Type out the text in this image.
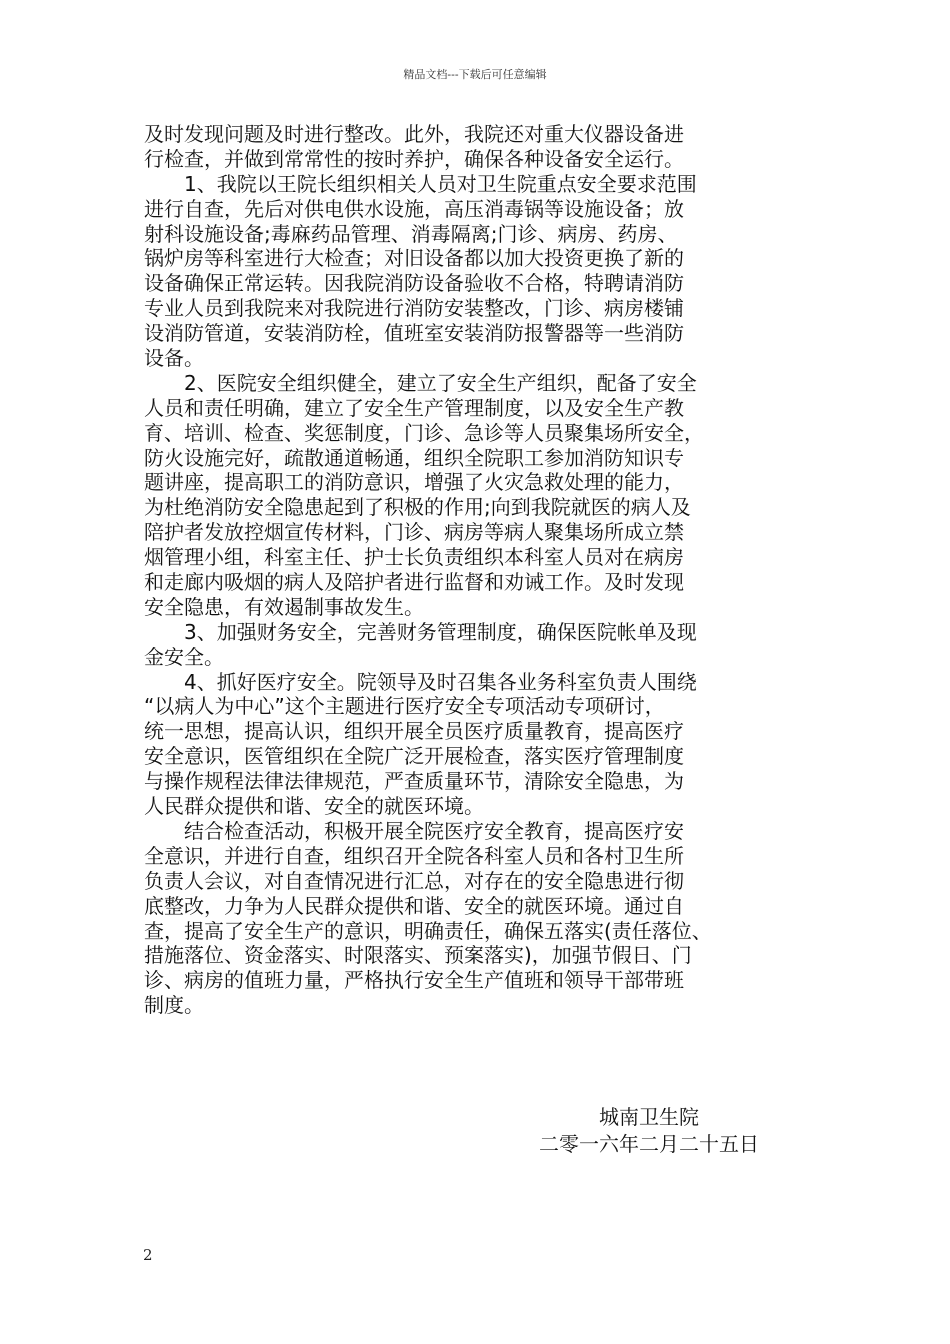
精品文档---下载后可任意编辑
及时发现问题及时进行整改。此外，我院还对重大仪器设备进
行检查，并做到常常性的按时养护，确保各种设备安全运行。
1、我院以王院长组织相关人员对卫生院重点安全要求范围
进行自查，先后对供电供水设施，高压消毒锅等设施设备；放
射科设施设备;毒麻药品管理、消毒隔离;门诊、病房、药房、
锅炉房等科室进行大检查；对旧设备都以加大投资更换了新的
设备确保正常运转。因我院消防设备验收不合格，特聘请消防
专业人员到我院来对我院进行消防安装整改，门诊、病房楼铺
设消防管道，安装消防栓，值班室安装消防报警器等一些消防
设备。
2、医院安全组织健全，建立了安全生产组织，配备了安全
人员和责任明确，建立了安全生产管理制度，以及安全生产教
育、培训、检查、奖惩制度，门诊、急诊等人员聚集场所安全，
防火设施完好，疏散通道畅通，组织全院职工参加消防知识专
题讲座，提高职工的消防意识，增强了火灾急救处理的能力，
为杜绝消防安全隐患起到了积极的作用;向到我院就医的病人及
陪护者发放控烟宣传材料，门诊、病房等病人聚集场所成立禁
烟管理小组，科室主任、护士长负责组织本科室人员对在病房
和走廊内吸烟的病人及陪护者进行监督和劝诫工作。及时发现
安全隐患，有效遏制事故发生。
3、加强财务安全，完善财务管理制度，确保医院帐单及现
金安全。
4、抓好医疗安全。院领导及时召集各业务科室负责人围绕
“以病人为中心”这个主题进行医疗安全专项活动专项研讨，
统一思想，提高认识，组织开展全员医疗质量教育，提高医疗
安全意识，医管组织在全院广泛开展检查，落实医疗管理制度
与操作规程法律法律规范，严查质量环节，清除安全隐患，为
人民群众提供和谐、安全的就医环境。
结合检查活动，积极开展全院医疗安全教育，提高医疗安
全意识，并进行自查，组织召开全院各科室人员和各村卫生所
负责人会议，对自查情况进行汇总，对存在的安全隐患进行彻
底整改，力争为人民群众提供和谐、安全的就医环境。通过自
查，提高了安全生产的意识，明确责任，确保五落实(责任落位、
措施落位、资金落实、时限落实、预案落实)，加强节假日、门
诊、病房的值班力量，严格执行安全生产值班和领导干部带班
制度。
城南卫生院
二零一六年二月二十五日
2
